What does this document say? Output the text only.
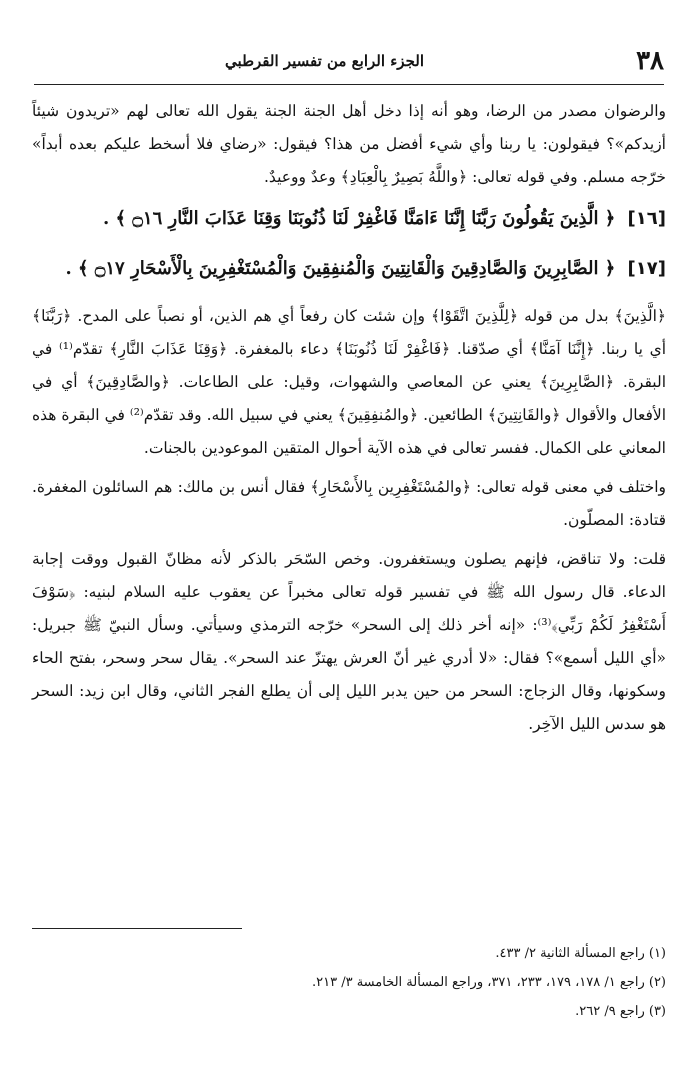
٣٨
الجزء الرابع من تفسير القرطبي

والرضوان مصدر من الرضا، وهو أنه إذا دخل أهل الجنة الجنة يقول الله تعالى لهم «تريدون شيئاً أزيدكم»؟ فيقولون: يا ربنا وأي شيء أفضل من هذا؟ فيقول: «رضاي فلا أسخط عليكم بعده أبداً» خرّجه مسلم. وفي قوله تعالى: ﴿واللَّهُ بَصِيرٌ بِالْعِبَادِ﴾ وعدٌ ووعيدٌ.

[١٦] ﴿ الَّذِينَ يَقُولُونَ رَبَّنَا إِنَّنَا ءَامَنَّا فَاغْفِرْ لَنَا ذُنُوبَنَا وَقِنَا عَذَابَ النَّارِ ۝١٦ ﴾ .

[١٧] ﴿ الصَّابِرِينَ وَالصَّادِقِينَ وَالْقَانِتِينَ وَالْمُنفِقِينَ وَالْمُسْتَغْفِرِينَ بِالْأَسْحَارِ ۝١٧ ﴾ .

﴿الَّذِينَ﴾ بدل من قوله ﴿لِلَّذِينَ اتَّقَوْا﴾ وإن شئت كان رفعاً أي هم الذين، أو نصباً على المدح. ﴿رَبَّنَا﴾ أي يا ربنا. ﴿إِنَّنَا آمَنَّا﴾ أي صدّقنا. ﴿فَاغْفِرْ لَنَا ذُنُوبَنَا﴾ دعاء بالمغفرة. ﴿وَقِنَا عَذَابَ النَّارِ﴾ تقدّم⁽¹⁾ في البقرة. ﴿الصَّابِرِينَ﴾ يعني عن المعاصي والشهوات، وقيل: على الطاعات. ﴿والصَّادِقِينَ﴾ أي في الأفعال والأقوال ﴿والقَانِتِينَ﴾ الطائعين. ﴿والمُنفِقِينَ﴾ يعني في سبيل الله. وقد تقدّم⁽²⁾ في البقرة هذه المعاني على الكمال. ففسر تعالى في هذه الآية أحوال المتقين الموعودين بالجنات.

واختلف في معنى قوله تعالى: ﴿والمُسْتَغْفِرِين بِالأَسْحَارِ﴾ فقال أنس بن مالك: هم السائلون المغفرة. قتادة: المصلّون.

قلت: ولا تناقض، فإنهم يصلون ويستغفرون. وخص السّحَر بالذكر لأنه مظانّ القبول ووقت إجابة الدعاء. قال رسول الله ﷺ في تفسير قوله تعالى مخبراً عن يعقوب عليه السلام لبنيه: ﴿سَوْفَ أَسْتَغْفِرُ لَكُمْ رَبِّي﴾⁽³⁾: «إنه أخر ذلك إلى السحر» خرّجه الترمذي وسيأتي. وسأل النبيّ ﷺ جبريل: «أي الليل أسمع»؟ فقال: «لا أدري غير أنّ العرش يهتزّ عند السحر». يقال سحر وسحر، بفتح الحاء وسكونها، وقال الزجاج: السحر من حين يدبر الليل إلى أن يطلع الفجر الثاني، وقال ابن زيد: السحر هو سدس الليل الآخِر.

(١) راجع المسألة الثانية ٢/ ٤٣٣.

(٢) راجع ١/ ١٧٨، ١٧٩، ٢٣٣، ٣٧١، وراجع المسألة الخامسة ٣/ ٢١٣.

(٣) راجع ٩/ ٢٦٢.
